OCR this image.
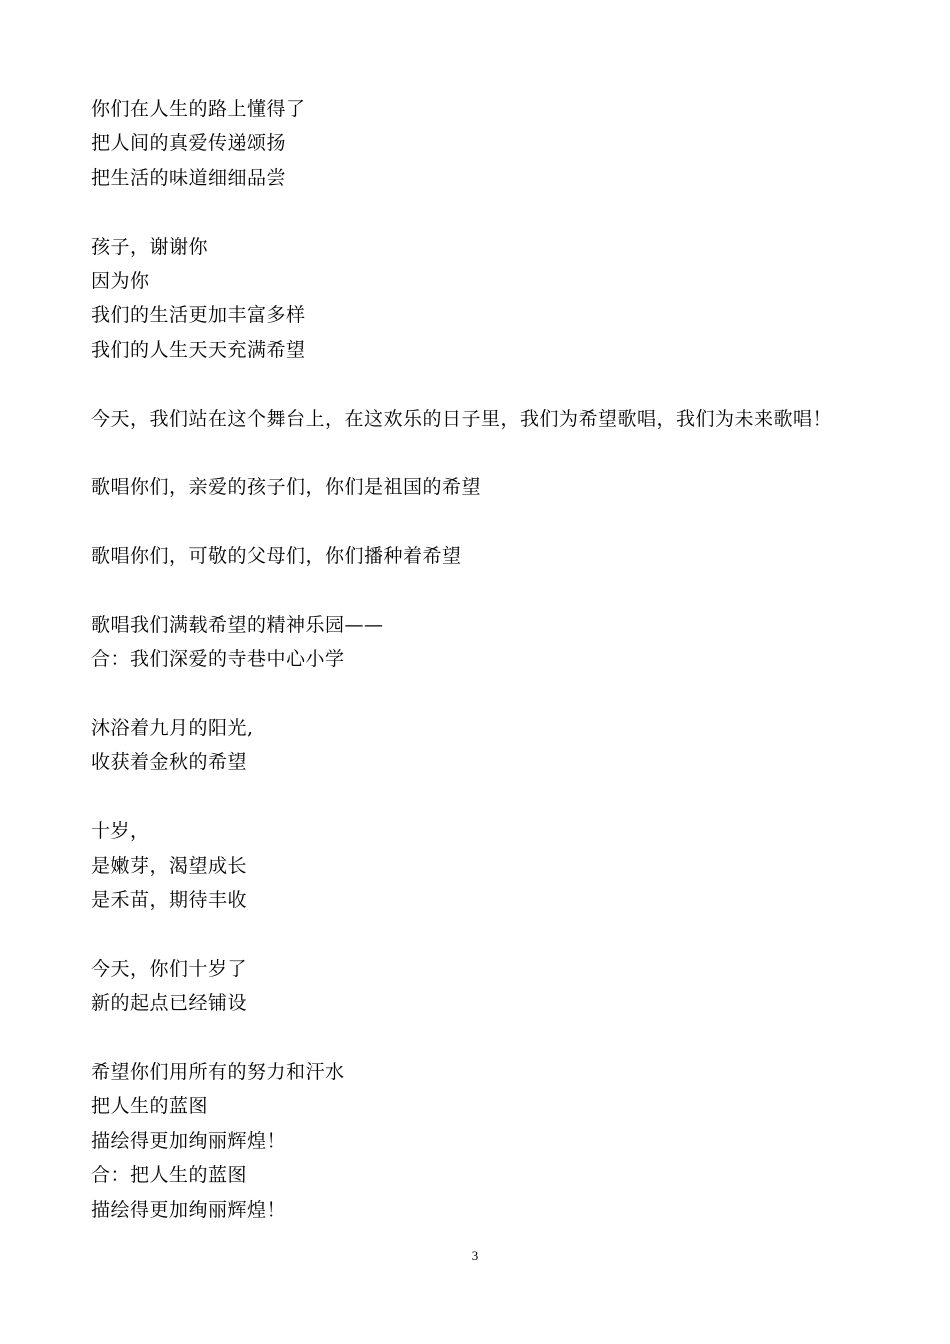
你们在人生的路上懂得了
把人间的真爱传递颂扬
把生活的味道细细品尝
孩子，谢谢你
因为你
我们的生活更加丰富多样
我们的人生天天充满希望
今天，我们站在这个舞台上，在这欢乐的日子里，我们为希望歌唱，我们为未来歌唱！
歌唱你们，亲爱的孩子们，你们是祖国的希望
歌唱你们，可敬的父母们，你们播种着希望
歌唱我们满载希望的精神乐园——
合：我们深爱的寺巷中心小学
沐浴着九月的阳光,
收获着金秋的希望
十岁，
是嫩芽，渴望成长
是禾苗，期待丰收
今天，你们十岁了
新的起点已经铺设
希望你们用所有的努力和汗水
把人生的蓝图
描绘得更加绚丽辉煌！
合：把人生的蓝图
描绘得更加绚丽辉煌！
3
